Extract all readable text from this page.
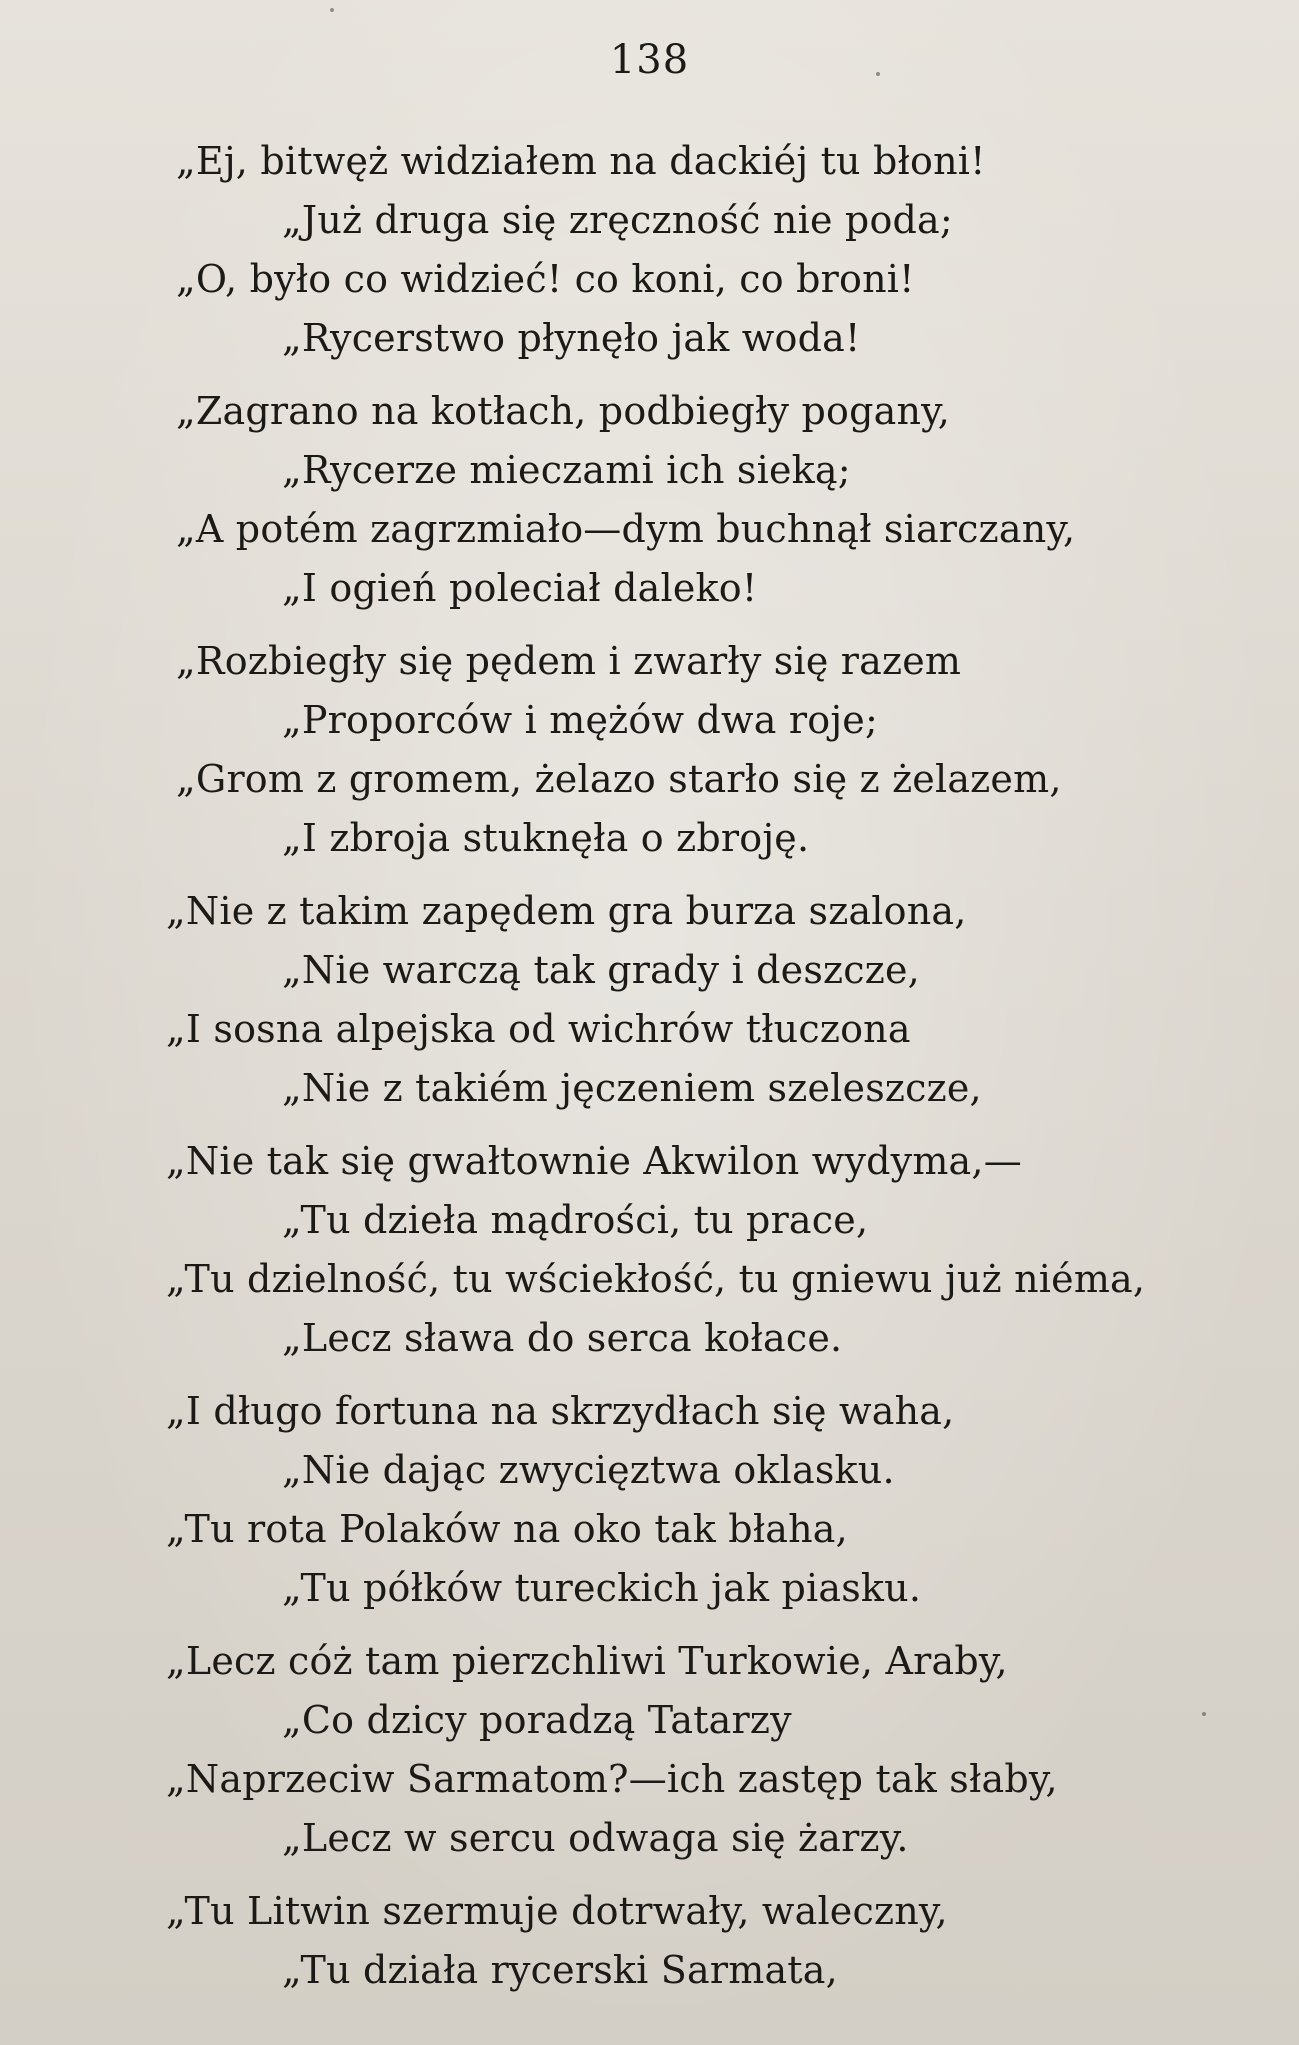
138
„Ej, bitwęż widziałem na dackiéj tu błoni!
„Już druga się zręczność nie poda;
„O, było co widzieć! co koni, co broni!
„Rycerstwo płynęło jak woda!
„Zagrano na kotłach, podbiegły pogany,
„Rycerze mieczami ich sieką;
„A potém zagrzmiało—dym buchnął siarczany,
„I ogień poleciał daleko!
„Rozbiegły się pędem i zwarły się razem
„Proporców i mężów dwa roje;
„Grom z gromem, żelazo starło się z żelazem,
„I zbroja stuknęła o zbroję.
„Nie z takim zapędem gra burza szalona,
„Nie warczą tak grady i deszcze,
„I sosna alpejska od wichrów tłuczona
„Nie z takiém jęczeniem szeleszcze,
„Nie tak się gwałtownie Akwilon wydyma,—
„Tu dzieła mądrości, tu prace,
„Tu dzielność, tu wściekłość, tu gniewu już niéma,
„Lecz sława do serca kołace.
„I długo fortuna na skrzydłach się waha,
„Nie dając zwycięztwa oklasku.
„Tu rota Polaków na oko tak błaha,
„Tu półków tureckich jak piasku.
„Lecz cóż tam pierzchliwi Turkowie, Araby,
„Co dzicy poradzą Tatarzy
„Naprzeciw Sarmatom?—ich zastęp tak słaby,
„Lecz w sercu odwaga się żarzy.
„Tu Litwin szermuje dotrwały, waleczny,
„Tu działa rycerski Sarmata,
